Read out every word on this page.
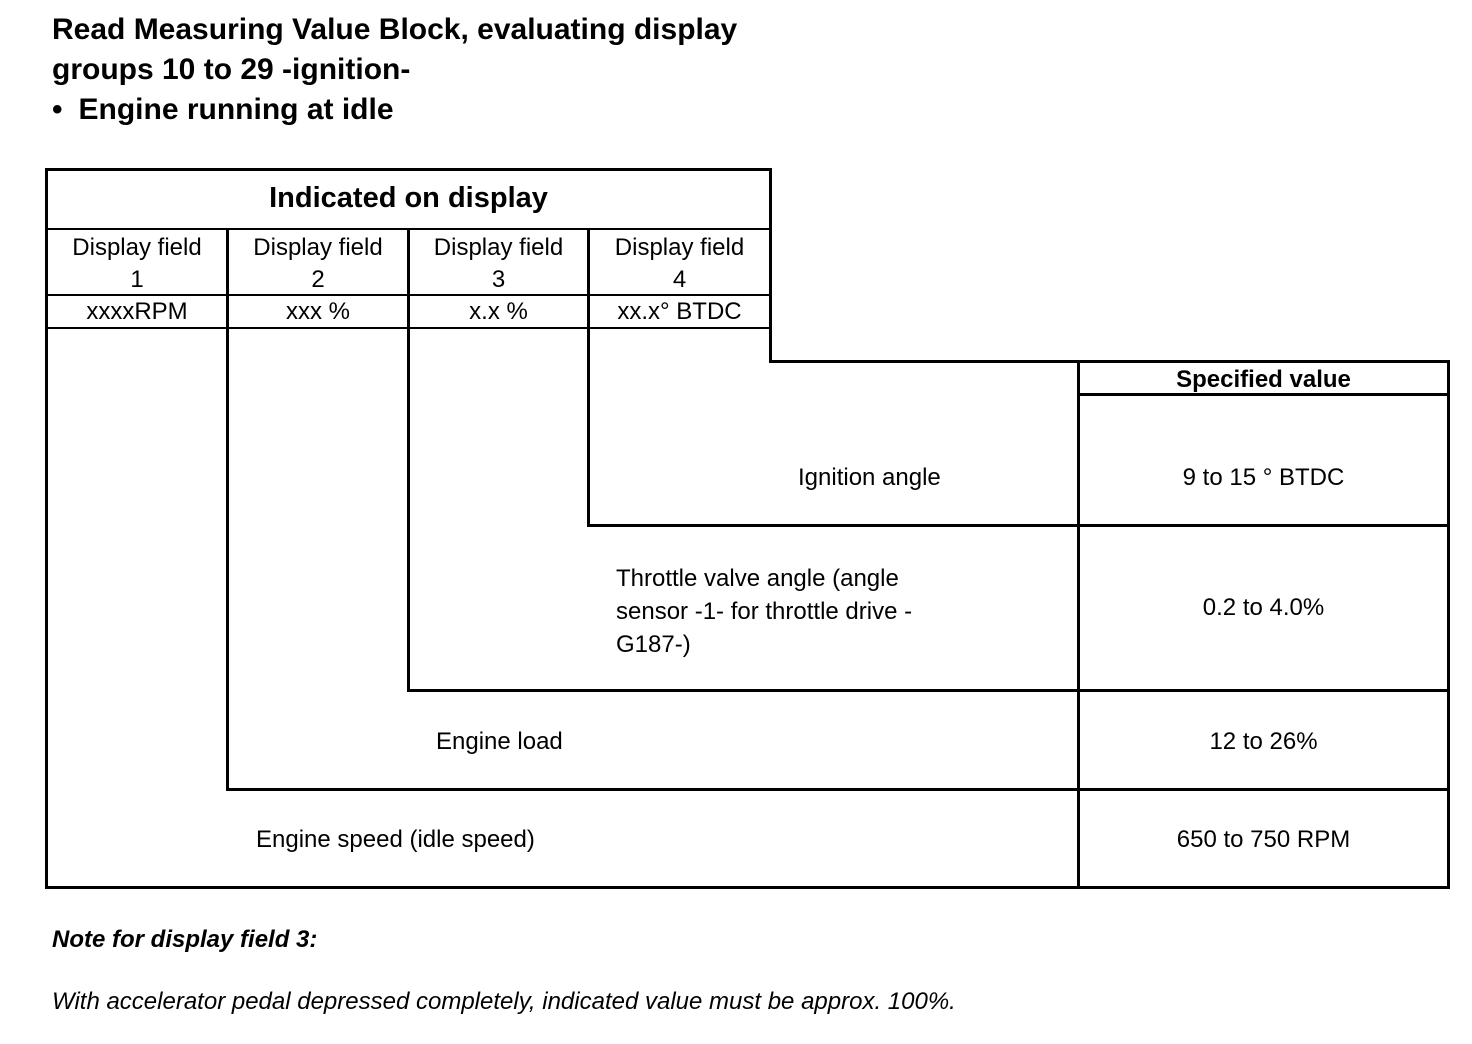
Read Measuring Value Block, evaluating display
groups 10 to 29 -ignition-
• Engine running at idle
Indicated on display
Display field
1
Display field
2
Display field
3
Display field
4
xxxxRPM	xxx %	x.x %	xx.x° BTDC
Specified value
Ignition angle	9 to 15 ° BTDC
Throttle valve angle (angle
sensor -1- for throttle drive -
G187-)
0.2 to 4.0%
Engine load	12 to 26%
Engine speed (idle speed)	650 to 750 RPM
Note for display field 3:
With accelerator pedal depressed completely, indicated value must be approx. 100%.
